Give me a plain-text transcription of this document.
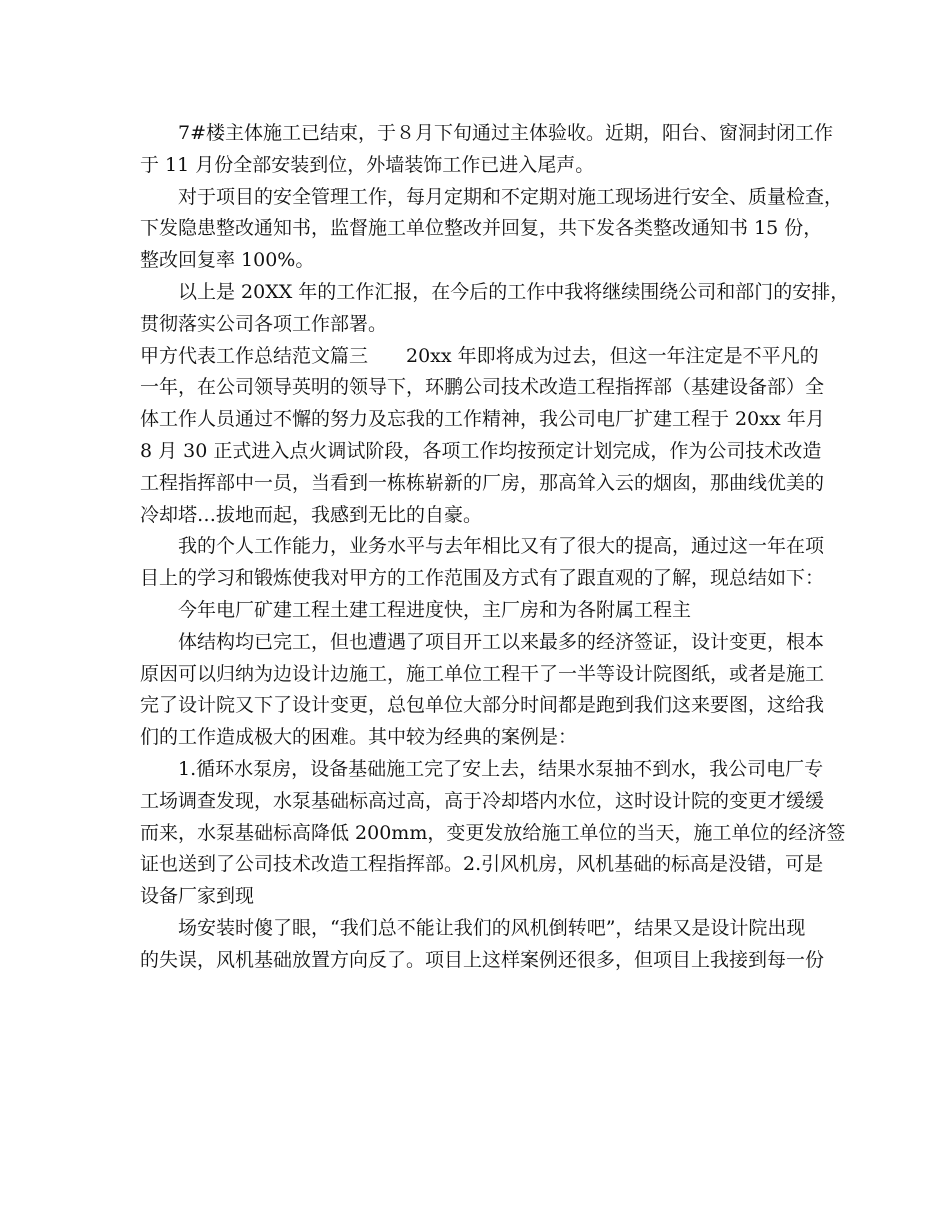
7#楼主体施工已结束，于８月下旬通过主体验收。近期，阳台、窗洞封闭工作
于 11 月份全部安装到位，外墙装饰工作已进入尾声。
对于项目的安全管理工作，每月定期和不定期对施工现场进行安全、质量检查，
下发隐患整改通知书，监督施工单位整改并回复，共下发各类整改通知书 15 份，
整改回复率 100%。
以上是 20XX 年的工作汇报，在今后的工作中我将继续围绕公司和部门的安排，
贯彻落实公司各项工作部署。
甲方代表工作总结范文篇三　　20xx 年即将成为过去，但这一年注定是不平凡的
一年，在公司领导英明的领导下，环鹏公司技术改造工程指挥部（基建设备部）全
体工作人员通过不懈的努力及忘我的工作精神，我公司电厂扩建工程于 20xx 年月
8 月 30 正式进入点火调试阶段，各项工作均按预定计划完成，作为公司技术改造
工程指挥部中一员，当看到一栋栋崭新的厂房，那高耸入云的烟囱，那曲线优美的
冷却塔…拔地而起，我感到无比的自豪。
我的个人工作能力，业务水平与去年相比又有了很大的提高，通过这一年在项
目上的学习和锻炼使我对甲方的工作范围及方式有了跟直观的了解，现总结如下：
今年电厂矿建工程土建工程进度快，主厂房和为各附属工程主
体结构均已完工，但也遭遇了项目开工以来最多的经济签证，设计变更，根本
原因可以归纳为边设计边施工，施工单位工程干了一半等设计院图纸，或者是施工
完了设计院又下了设计变更，总包单位大部分时间都是跑到我们这来要图，这给我
们的工作造成极大的困难。其中较为经典的案例是：
1.循环水泵房，设备基础施工完了安上去，结果水泵抽不到水，我公司电厂专
工场调查发现，水泵基础标高过高，高于冷却塔内水位，这时设计院的变更才缓缓
而来，水泵基础标高降低 200mm，变更发放给施工单位的当天，施工单位的经济签
证也送到了公司技术改造工程指挥部。2.引风机房，风机基础的标高是没错，可是
设备厂家到现
场安装时傻了眼，“我们总不能让我们的风机倒转吧”，结果又是设计院出现
的失误，风机基础放置方向反了。项目上这样案例还很多，但项目上我接到每一份
